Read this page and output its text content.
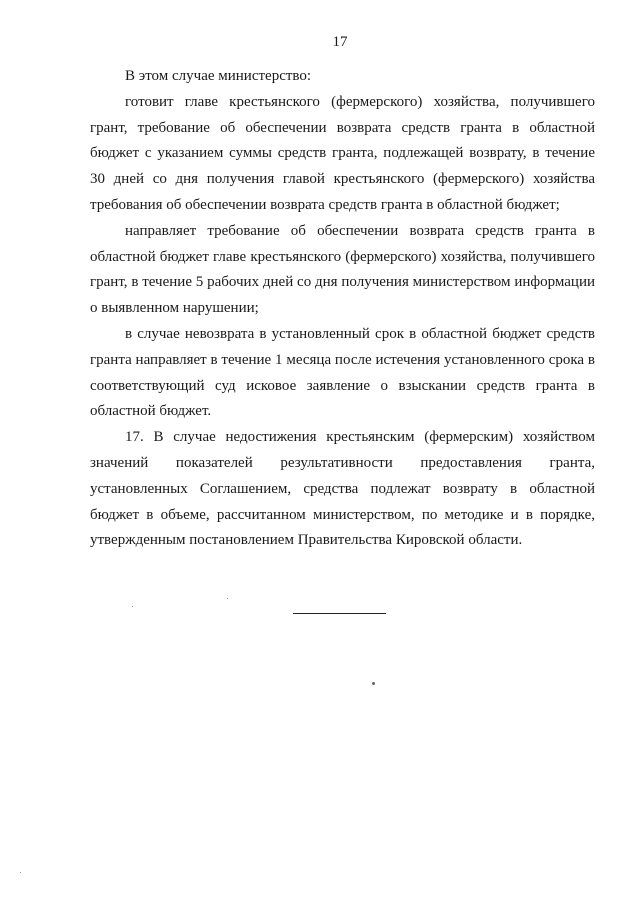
17

В этом случае министерство:

готовит главе крестьянского (фермерского) хозяйства, получившего грант, требование об обеспечении возврата средств гранта в областной бюджет с указанием суммы средств гранта, подлежащей возврату, в течение 30 дней со дня получения главой крестьянского (фермерского) хозяйства требования об обеспечении возврата средств гранта в областной бюджет;

направляет требование об обеспечении возврата средств гранта в областной бюджет главе крестьянского (фермерского) хозяйства, получившего грант, в течение 5 рабочих дней со дня получения министерством информации о выявленном нарушении;

в случае невозврата в установленный срок в областной бюджет средств гранта направляет в течение 1 месяца после истечения установленного срока в соответствующий суд исковое заявление о взыскании средств гранта в областной бюджет.

17. В случае недостижения крестьянским (фермерским) хозяйством значений показателей результативности предоставления гранта, установленных Соглашением, средства подлежат возврату в областной бюджет в объеме, рассчитанном министерством, по методике и в порядке, утвержденным постановлением Правительства Кировской области.
